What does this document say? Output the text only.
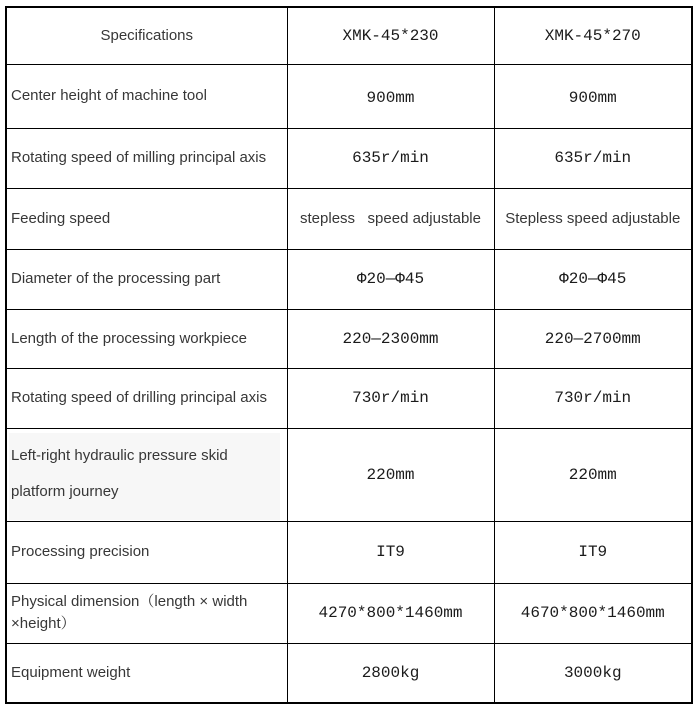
Specifications	XMK-45*230	XMK-45*270
Center height of machine tool	900mm	900mm
Rotating speed of milling principal axis	635r/min	635r/min
Feeding speed	stepless   speed adjustable	Stepless speed adjustable
Diameter of the processing part	Φ20—Φ45	Φ20—Φ45
Length of the processing workpiece	220—2300mm	220—2700mm
Rotating speed of drilling principal axis	730r/min	730r/min

Left-right hydraulic pressure skid platform journey	220mm	220mm
Processing precision	IT9	IT9
Physical dimension（length × width ×height）	4270*800*1460mm	4670*800*1460mm
Equipment weight	2800kg	3000kg
